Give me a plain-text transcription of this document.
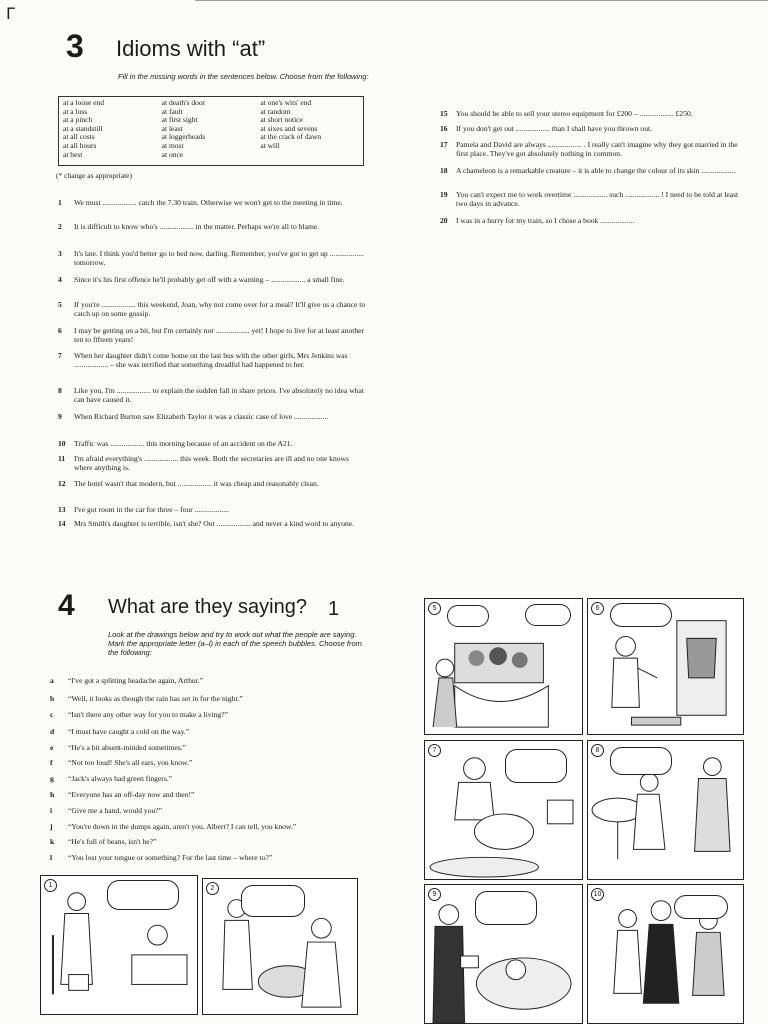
Γ
3 Idioms with “at”
Fill in the missing words in the sentences below. Choose from the following:
at a loose end
at a loss
at a pinch
at a standstill
at all costs
at all hours
at best
at death's door
at fault
at first sight
at least
at loggerheads
at most
at once
at one's wits' end
at random
at short notice
at sixes and sevens
at the crack of dawn
at will
(* change as appropriate)
1	We must .................. catch the 7.30 train. Otherwise we won't get to the meeting in time.
2	It is difficult to know who's .................. in the matter. Perhaps we're all to blame.
3	It's late. I think you'd better go to bed now, darling. Remember, you've got to get up .................. tomorrow.
4	Since it's his first offence he'll probably get off with a warning – .................. a small fine.
5	If you're .................. this weekend, Joan, why not come over for a meal? It'll give us a chance to catch up on some gossip.
6	I may be getting on a bit, but I'm certainly not .................. yet! I hope to live for at least another ten to fifteen years!
7	When her daughter didn't come home on the last bus with the other girls, Mrs Jenkins was .................. – she was terrified that something dreadful had happened to her.
8	Like you, I'm .................. to explain the sudden fall in share prices. I've absolutely no idea what can have caused it.
9	When Richard Burton saw Elizabeth Taylor it was a classic case of love ..................
10	Traffic was .................. this morning because of an accident on the A21.
11	I'm afraid everything's .................. this week. Both the secretaries are ill and no one knows where anything is.
12	The hotel wasn't that modern, but .................. it was cheap and reasonably clean.
13	I've got room in the car for three – four ..................
14	Mrs Smith's daughter is terrible, isn't she? Out .................. and never a kind word to anyone.
15	You should be able to sell your stereo equipment for £200 – .................. £250.
16	If you don't get out .................. than I shall have you thrown out.
17	Pamela and David are always .................. . I really can't imagine why they got married in the first place. They've got absolutely nothing in common.
18	A chameleon is a remarkable creature – it is able to change the colour of its skin ..................
19	You can't expect me to work overtime .................. such .................. ! I need to be told at least two days in advance.
20	I was in a hurry for my train, so I chose a book ..................
4 What are they saying? 1
Look at the drawings below and try to work out what the people are saying. Mark the appropriate letter (a–l) in each of the speech bubbles. Choose from the following:
a	“I've got a splitting headache again, Arthur.”
b	“Well, it looks as though the rain has set in for the night.”
c	“Isn't there any other way for you to make a living?”
d	“I must have caught a cold on the way.”
e	“He's a bit absent-minded sometimes.”
f	“Not too loud! She's all ears, you know.”
g	“Jack's always had green fingers.”
h	“Everyone has an off-day now and then!”
i	“Give me a hand, would you?”
j	“You're down in the dumps again, aren't you, Albert? I can tell, you know.”
k	“He's full of beans, isn't he?”
l	“You lost your tongue or something? For the last time – where to?”
5	6
7	8
9	10
1	2
